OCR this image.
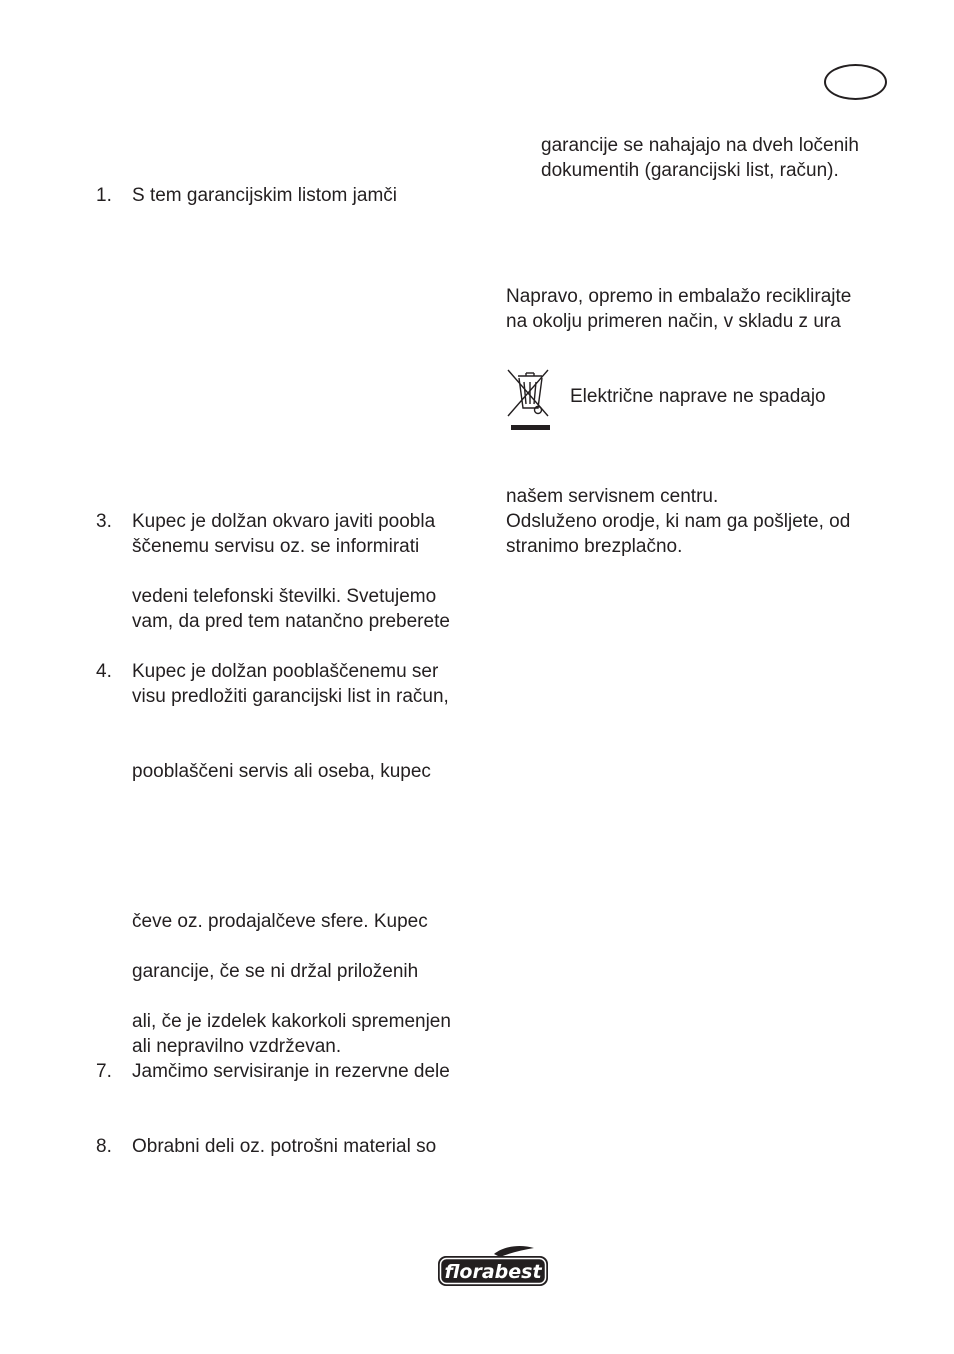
1. S tem garancijskim listom jamči
3. Kupec je dolžan okvaro javiti poobla
ščenemu servisu oz. se informirati
vedeni telefonski številki. Svetujemo
vam, da pred tem natančno preberete
4. Kupec je dolžan pooblaščenemu ser
visu predložiti garancijski list in račun,
pooblaščeni servis ali oseba, kupec
čeve oz. prodajalčeve sfere. Kupec
garancije, če se ni držal priloženih
ali, če je izdelek kakorkoli spremenjen
ali nepravilno vzdrževan.
7. Jamčimo servisiranje in rezervne dele
8. Obrabni deli oz. potrošni material so
garancije se nahajajo na dveh ločenih
dokumentih (garancijski list, račun).
Napravo, opremo in embalažo reciklirajte
na okolju primeren način, v skladu z ura
Električne naprave ne spadajo
našem servisnem centru.
Odsluženo orodje, ki nam ga pošljete, od
stranimo brezplačno.
florabest
